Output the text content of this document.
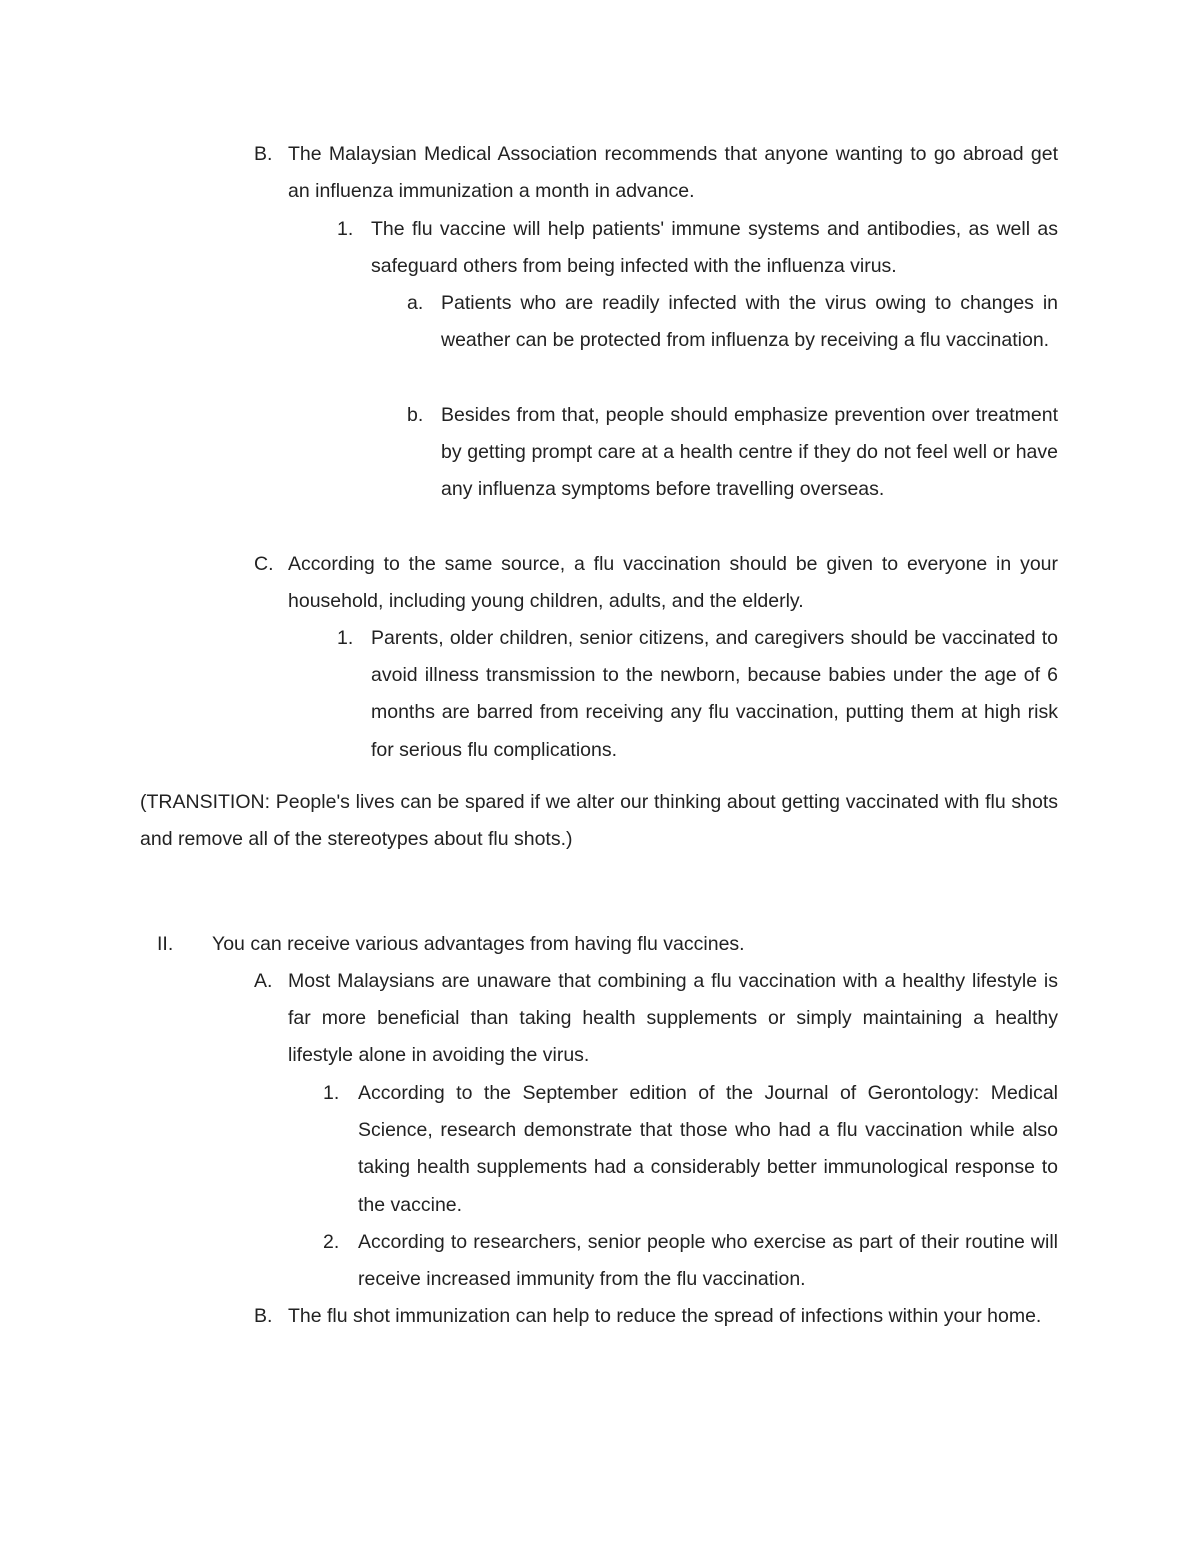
B. The Malaysian Medical Association recommends that anyone wanting to go abroad get an influenza immunization a month in advance.
1. The flu vaccine will help patients' immune systems and antibodies, as well as safeguard others from being infected with the influenza virus.
a. Patients who are readily infected with the virus owing to changes in weather can be protected from influenza by receiving a flu vaccination.
b. Besides from that, people should emphasize prevention over treatment by getting prompt care at a health centre if they do not feel well or have any influenza symptoms before travelling overseas.
C. According to the same source, a flu vaccination should be given to everyone in your household, including young children, adults, and the elderly.
1. Parents, older children, senior citizens, and caregivers should be vaccinated to avoid illness transmission to the newborn, because babies under the age of 6 months are barred from receiving any flu vaccination, putting them at high risk for serious flu complications.
(TRANSITION: People's lives can be spared if we alter our thinking about getting vaccinated with flu shots and remove all of the stereotypes about flu shots.)
II. You can receive various advantages from having flu vaccines.
A. Most Malaysians are unaware that combining a flu vaccination with a healthy lifestyle is far more beneficial than taking health supplements or simply maintaining a healthy lifestyle alone in avoiding the virus.
1. According to the September edition of the Journal of Gerontology: Medical Science, research demonstrate that those who had a flu vaccination while also taking health supplements had a considerably better immunological response to the vaccine.
2. According to researchers, senior people who exercise as part of their routine will receive increased immunity from the flu vaccination.
B. The flu shot immunization can help to reduce the spread of infections within your home.
